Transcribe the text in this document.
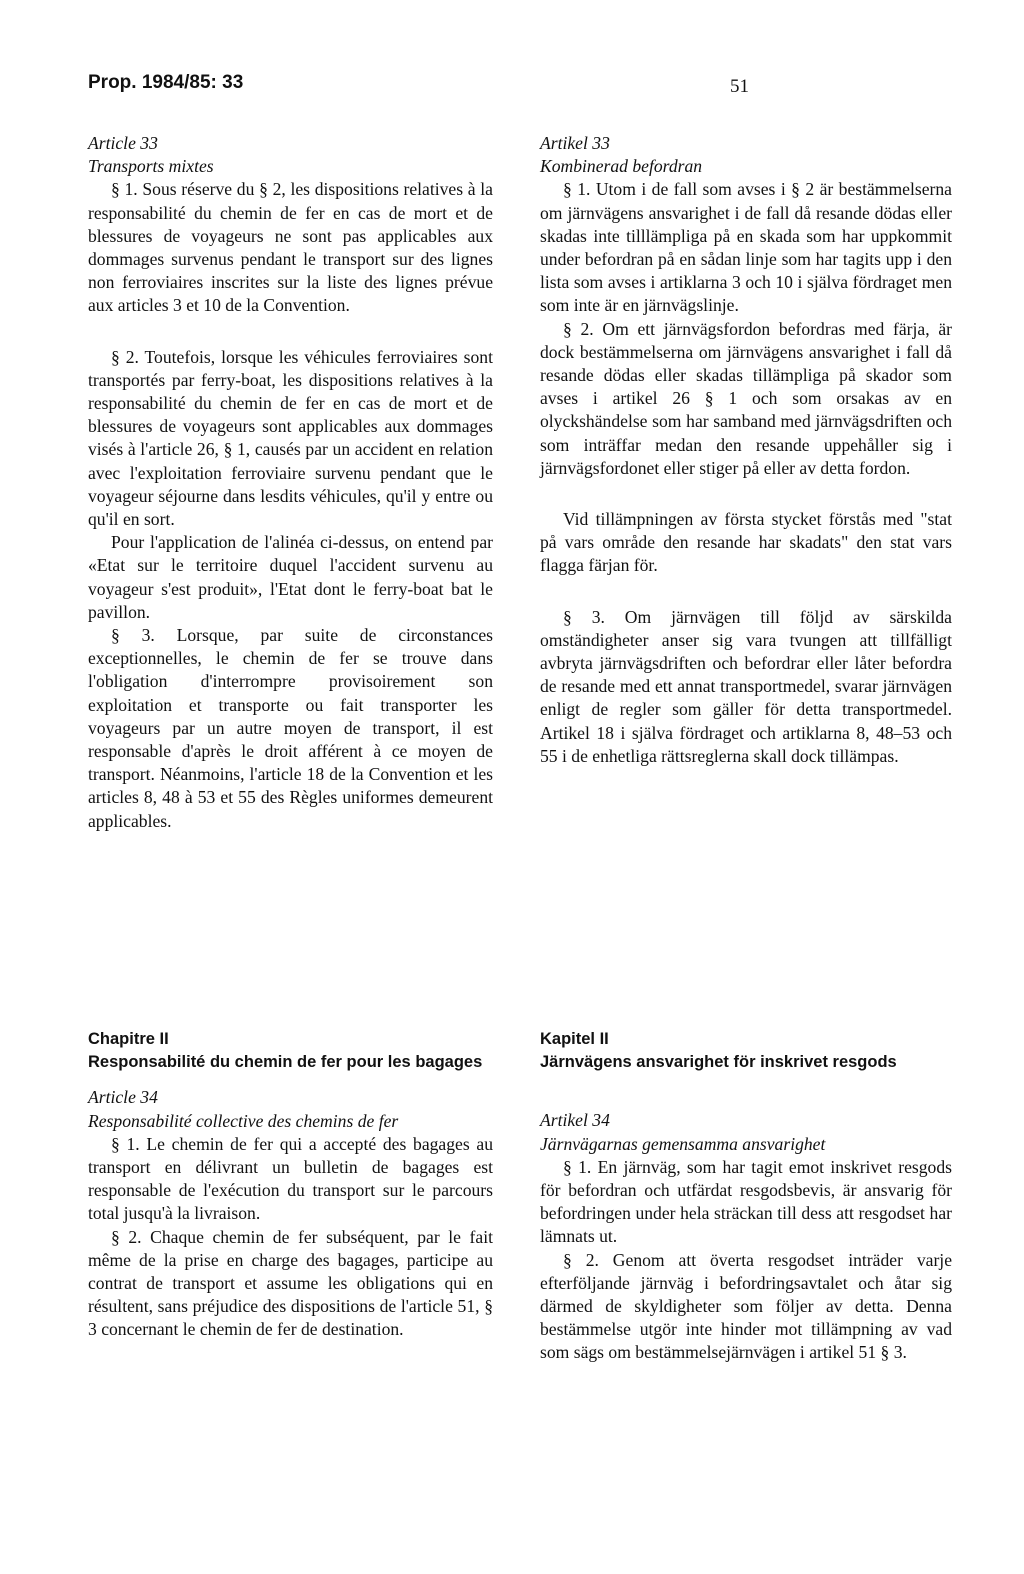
Prop. 1984/85: 33	51

Article 33

Transports mixtes

§ 1. Sous réserve du § 2, les dispositions relatives à la responsabilité du chemin de fer en cas de mort et de blessures de voyageurs ne sont pas applicables aux dommages survenus pendant le transport sur des lignes non ferroviaires inscrites sur la liste des lignes prévue aux articles 3 et 10 de la Convention.

§ 2. Toutefois, lorsque les véhicules ferroviaires sont transportés par ferry-boat, les dispositions relatives à la responsabilité du chemin de fer en cas de mort et de blessures de voyageurs sont applicables aux dommages visés à l'article 26, § 1, causés par un accident en relation avec l'exploitation ferroviaire survenu pendant que le voyageur séjourne dans lesdits véhicules, qu'il y entre ou qu'il en sort.

Pour l'application de l'alinéa ci-dessus, on entend par «Etat sur le territoire duquel l'accident survenu au voyageur s'est produit», l'Etat dont le ferry-boat bat le pavillon.

§ 3. Lorsque, par suite de circonstances exceptionnelles, le chemin de fer se trouve dans l'obligation d'interrompre provisoirement son exploitation et transporte ou fait transporter les voyageurs par un autre moyen de transport, il est responsable d'après le droit afférent à ce moyen de transport. Néanmoins, l'article 18 de la Convention et les articles 8, 48 à 53 et 55 des Règles uniformes demeurent applicables.

Artikel 33

Kombinerad befordran

§ 1. Utom i de fall som avses i § 2 är bestämmelserna om järnvägens ansvarighet i de fall då resande dödas eller skadas inte tilllämpliga på en skada som har uppkommit under befordran på en sådan linje som har tagits upp i den lista som avses i artiklarna 3 och 10 i själva fördraget men som inte är en järnvägslinje.

§ 2. Om ett järnvägsfordon befordras med färja, är dock bestämmelserna om järnvägens ansvarighet i fall då resande dödas eller skadas tillämpliga på skador som avses i artikel 26 § 1 och som orsakas av en olyckshändelse som har samband med järnvägsdriften och som inträffar medan den resande uppehåller sig i järnvägsfordonet eller stiger på eller av detta fordon.

Vid tillämpningen av första stycket förstås med "stat på vars område den resande har skadats" den stat vars flagga färjan för.

§ 3. Om järnvägen till följd av särskilda omständigheter anser sig vara tvungen att tillfälligt avbryta järnvägsdriften och befordrar eller låter befordra de resande med ett annat transportmedel, svarar järnvägen enligt de regler som gäller för detta transportmedel. Artikel 18 i själva fördraget och artiklarna 8, 48–53 och 55 i de enhetliga rättsreglerna skall dock tillämpas.

Chapitre II

Responsabilité du chemin de fer pour les bagages

Article 34

Responsabilité collective des chemins de fer

§ 1. Le chemin de fer qui a accepté des bagages au transport en délivrant un bulletin de bagages est responsable de l'exécution du transport sur le parcours total jusqu'à la livraison.

§ 2. Chaque chemin de fer subséquent, par le fait même de la prise en charge des bagages, participe au contrat de transport et assume les obligations qui en résultent, sans préjudice des dispositions de l'article 51, § 3 concernant le chemin de fer de destination.

Kapitel II

Järnvägens ansvarighet för inskrivet resgods

Artikel 34

Järnvägarnas gemensamma ansvarighet

§ 1. En järnväg, som har tagit emot inskrivet resgods för befordran och utfärdat resgodsbevis, är ansvarig för befordringen under hela sträckan till dess att resgodset har lämnats ut.

§ 2. Genom att överta resgodset inträder varje efterföljande järnväg i befordringsavtalet och åtar sig därmed de skyldigheter som följer av detta. Denna bestämmelse utgör inte hinder mot tillämpning av vad som sägs om bestämmelsejärnvägen i artikel 51 § 3.
